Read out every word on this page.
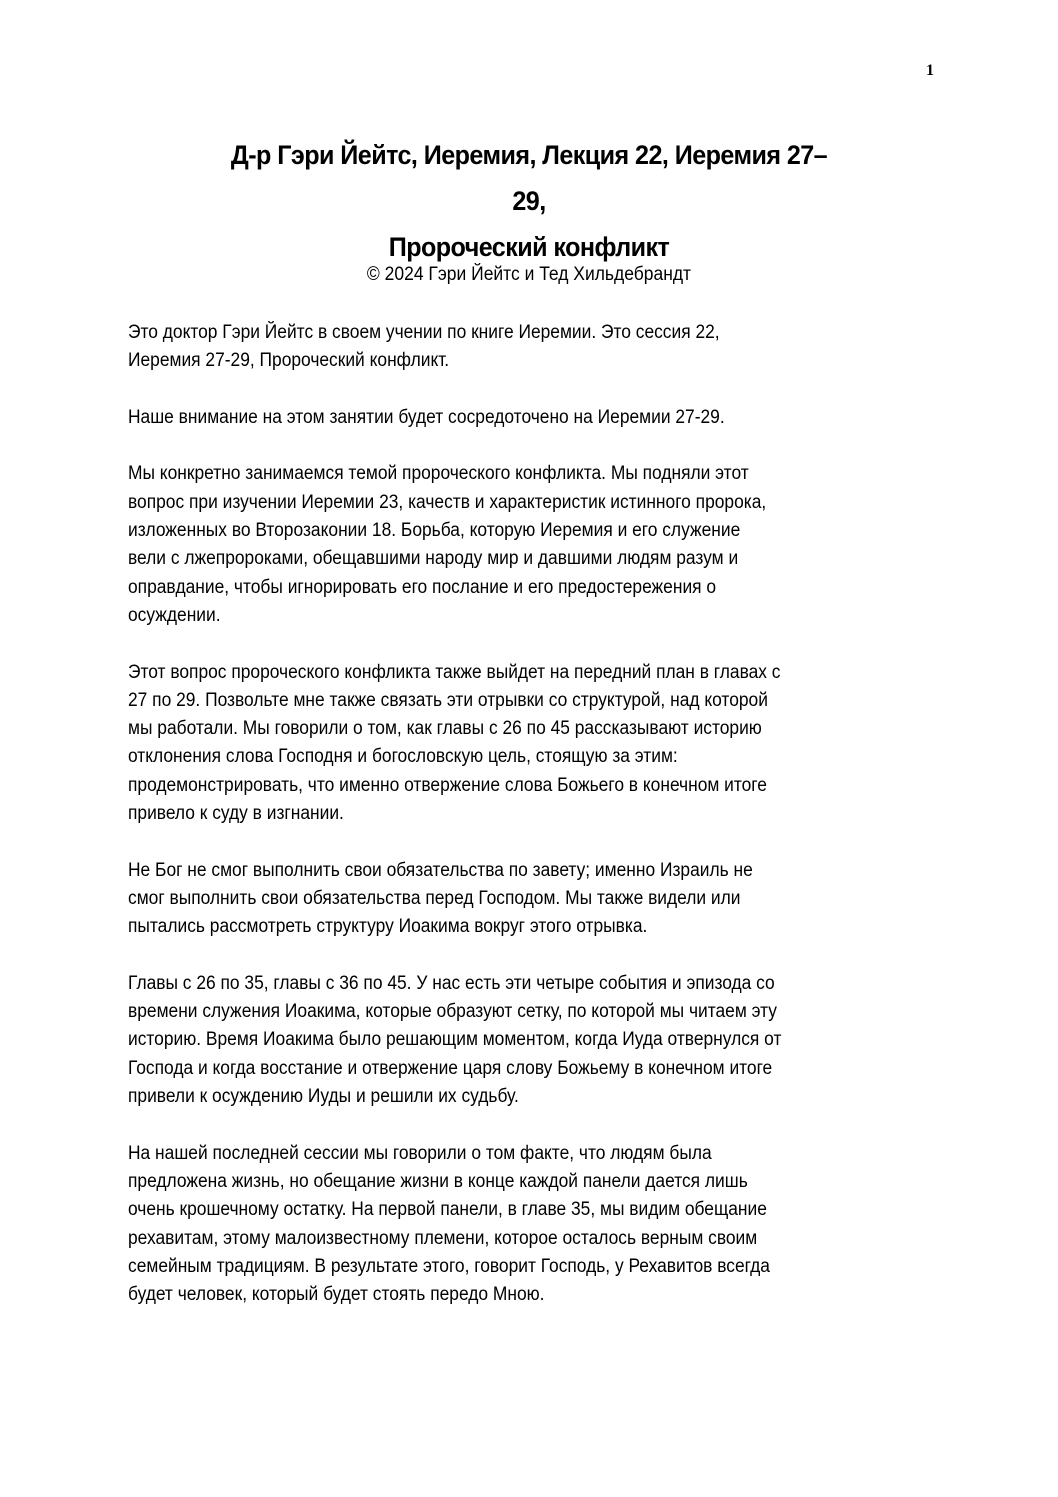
1
Д-р Гэри Йейтс, Иеремия, Лекция 22, Иеремия 27–
29,
Пророческий конфликт
© 2024 Гэри Йейтс и Тед Хильдебрандт

Это доктор Гэри Йейтс в своем учении по книге Иеремии. Это сессия 22,
Иеремия 27-29, Пророческий конфликт.

Наше внимание на этом занятии будет сосредоточено на Иеремии 27-29.

Мы конкретно занимаемся темой пророческого конфликта. Мы подняли этот
вопрос при изучении Иеремии 23, качеств и характеристик истинного пророка,
изложенных во Второзаконии 18. Борьба, которую Иеремия и его служение
вели с лжепророками, обещавшими народу мир и давшими людям разум и
оправдание, чтобы игнорировать его послание и его предостережения о
осуждении.

Этот вопрос пророческого конфликта также выйдет на передний план в главах с
27 по 29. Позвольте мне также связать эти отрывки со структурой, над которой
мы работали. Мы говорили о том, как главы с 26 по 45 рассказывают историю
отклонения слова Господня и богословскую цель, стоящую за этим:
продемонстрировать, что именно отвержение слова Божьего в конечном итоге
привело к суду в изгнании.

Не Бог не смог выполнить свои обязательства по завету; именно Израиль не
смог выполнить свои обязательства перед Господом. Мы также видели или
пытались рассмотреть структуру Иоакима вокруг этого отрывка.

Главы с 26 по 35, главы с 36 по 45. У нас есть эти четыре события и эпизода со
времени служения Иоакима, которые образуют сетку, по которой мы читаем эту
историю. Время Иоакима было решающим моментом, когда Иуда отвернулся от
Господа и когда восстание и отвержение царя слову Божьему в конечном итоге
привели к осуждению Иуды и решили их судьбу.

На нашей последней сессии мы говорили о том факте, что людям была
предложена жизнь, но обещание жизни в конце каждой панели дается лишь
очень крошечному остатку. На первой панели, в главе 35, мы видим обещание
рехавитам, этому малоизвестному племени, которое осталось верным своим
семейным традициям. В результате этого, говорит Господь, у Рехавитов всегда
будет человек, который будет стоять передо Мною.
